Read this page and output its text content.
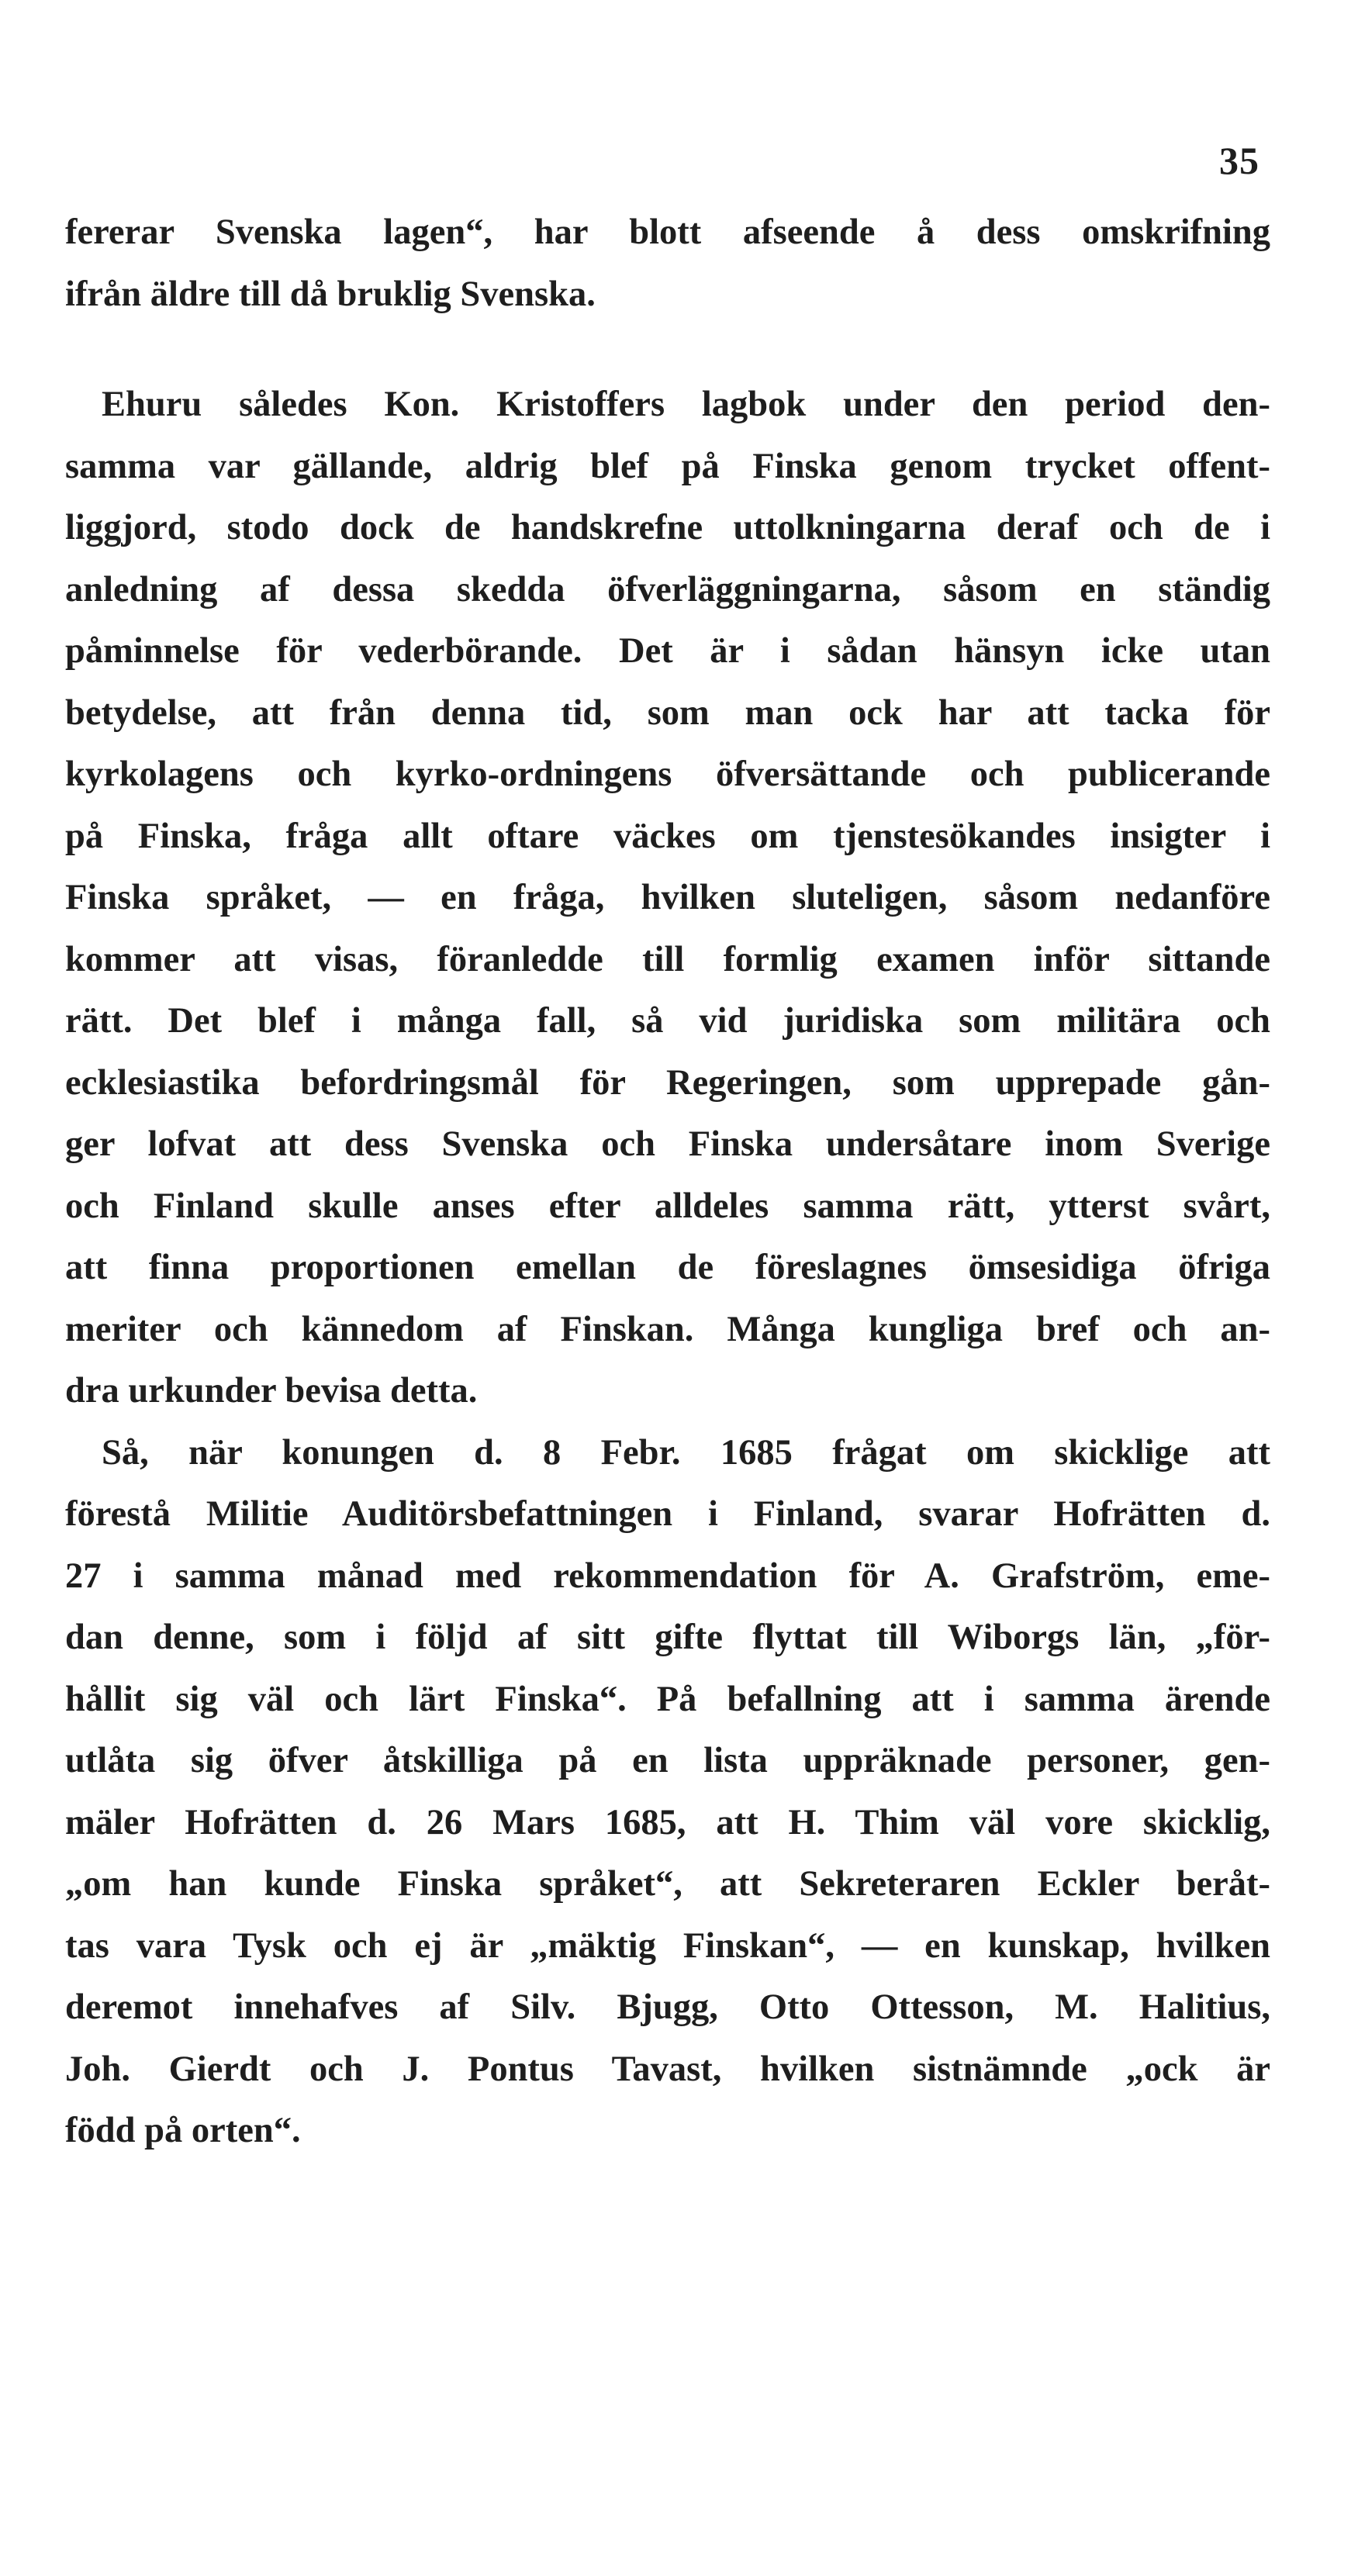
35
fererar Svenska lagen“, har blott afseende å dess omskrifning
ifrån äldre till då bruklig Svenska.
Ehuru således Kon. Kristoffers lagbok under den period den-
samma var gällande, aldrig blef på Finska genom trycket offent-
liggjord, stodo dock de handskrefne uttolkningarna deraf och de i
anledning af dessa skedda öfverläggningarna, såsom en ständig
påminnelse för vederbörande. Det är i sådan hänsyn icke utan
betydelse, att från denna tid, som man ock har att tacka för
kyrkolagens och kyrko-ordningens öfversättande och publicerande
på Finska, fråga allt oftare väckes om tjenstesökandes insigter i
Finska språket, — en fråga, hvilken sluteligen, såsom nedanföre
kommer att visas, föranledde till formlig examen inför sittande
rätt. Det blef i många fall, så vid juridiska som militära och
ecklesiastika befordringsmål för Regeringen, som upprepade gån-
ger lofvat att dess Svenska och Finska undersåtare inom Sverige
och Finland skulle anses efter alldeles samma rätt, ytterst svårt,
att finna proportionen emellan de föreslagnes ömsesidiga öfriga
meriter och kännedom af Finskan. Många kungliga bref och an-
dra urkunder bevisa detta.
Så, när konungen d. 8 Febr. 1685 frågat om skicklige att
förestå Militie Auditörsbefattningen i Finland, svarar Hofrätten d.
27 i samma månad med rekommendation för A. Grafström, eme-
dan denne, som i följd af sitt gifte flyttat till Wiborgs län, „för-
hållit sig väl och lärt Finska“. På befallning att i samma ärende
utlåta sig öfver åtskilliga på en lista uppräknade personer, gen-
mäler Hofrätten d. 26 Mars 1685, att H. Thim väl vore skicklig,
„om han kunde Finska språket“, att Sekreteraren Eckler beråt-
tas vara Tysk och ej är „mäktig Finskan“, — en kunskap, hvilken
deremot innehafves af Silv. Bjugg, Otto Ottesson, M. Halitius,
Joh. Gierdt och J. Pontus Tavast, hvilken sistnämnde „ock är
född på orten“.
